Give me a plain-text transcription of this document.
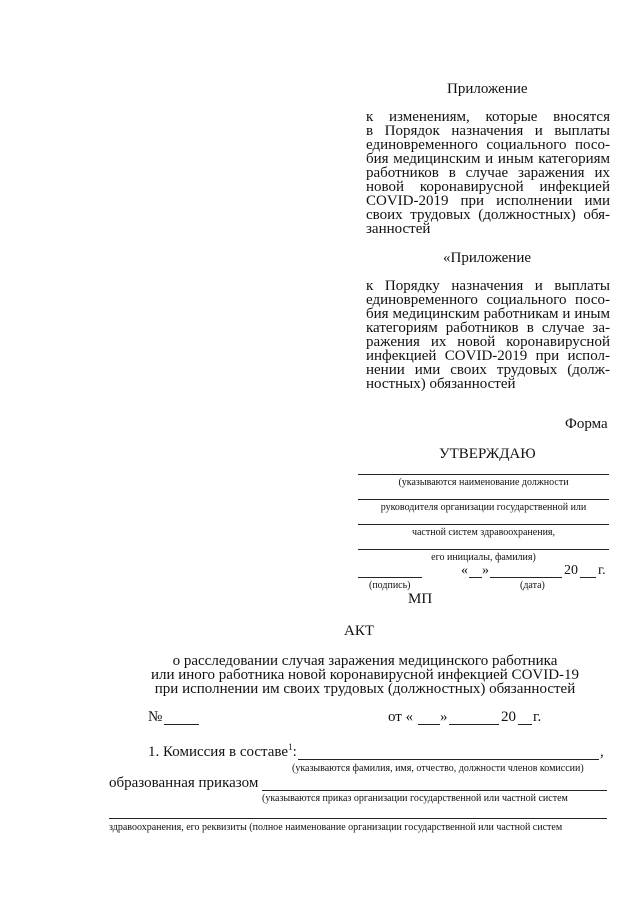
Приложение
к изменениям, которые вносятся
в Порядок назначения и выплаты
единовременного социального посо-
бия медицинским и иным категориям
работников в случае заражения их
новой коронавирусной инфекцией
COVID-2019 при исполнении ими
своих трудовых (должностных) обя-
занностей
«Приложение
к Порядку назначения и выплаты
единовременного социального посо-
бия медицинским работникам и иным
категориям работников в случае за-
ражения их новой коронавирусной
инфекцией COVID-2019 при испол-
нении ими своих трудовых (долж-
ностных) обязанностей
Форма
УТВЕРЖДАЮ
(указываются наименование должности
руководителя организации государственной или
частной систем здравоохранения,
его инициалы, фамилия)
« »	20 г.
(подпись)	(дата)
МП
АКТ
о расследовании случая заражения медицинского работника
или иного работника новой коронавирусной инфекцией COVID-19
при исполнении им своих трудовых (должностных) обязанностей
№	от « »	20 г.
1. Комиссия в составе$^1$:	,
(указываются фамилия, имя, отчество, должности членов комиссии)
образованная приказом
(указываются приказ организации государственной или частной систем
здравоохранения, его реквизиты (полное наименование организации государственной или частной систем
